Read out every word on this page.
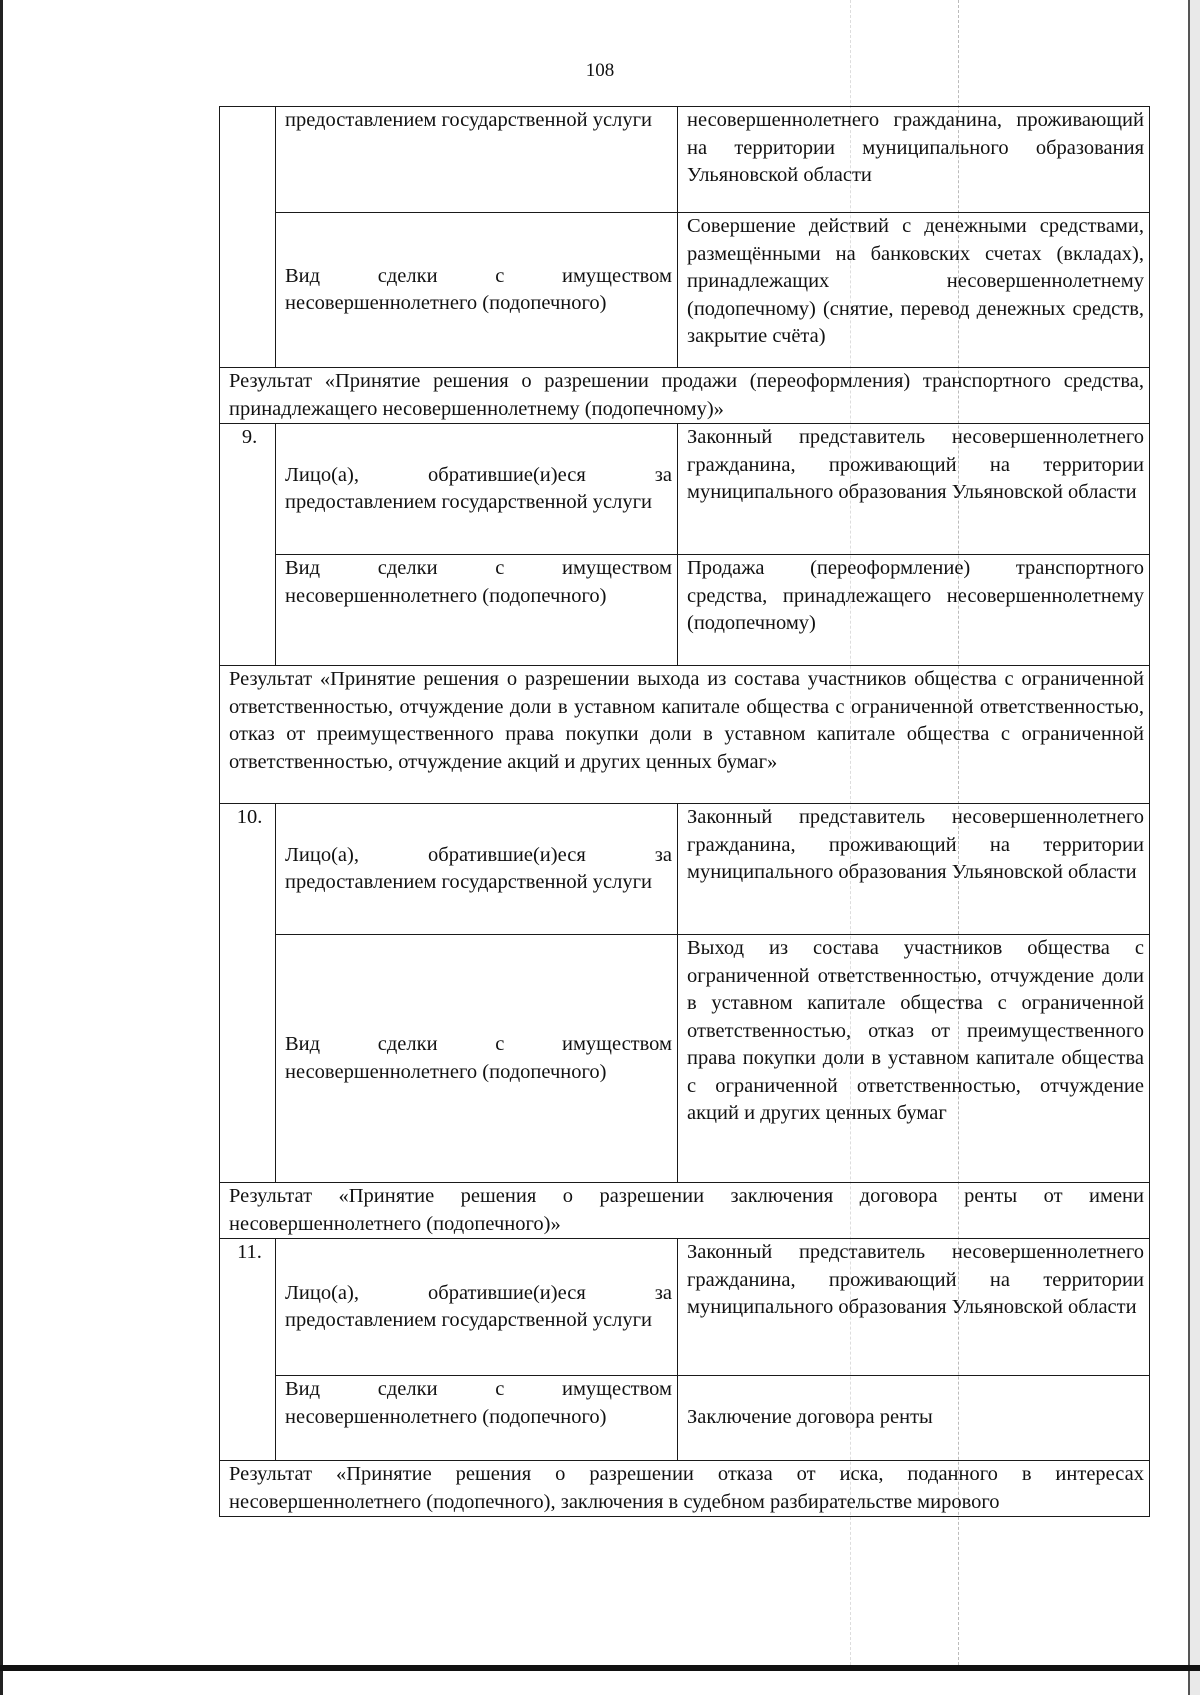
108
	предоставлением государственной услуги	несовершеннолетнего гражданина, проживающий на территории муниципального образования Ульяновской области
	Вид сделки с имуществом несовершеннолетнего (подопечного)	Совершение действий с денежными средствами, размещёнными на банковских счетах (вкладах), принадлежащих несовершеннолетнему (подопечному) (снятие, перевод денежных средств, закрытие счёта)
Результат «Принятие решения о разрешении продажи (переоформления) транспортного средства, принадлежащего несовершеннолетнему (подопечному)»		
9.	Лицо(а), обратившие(и)еся за предоставлением государственной услуги	Законный представитель несовершеннолетнего гражданина, проживающий на территории муниципального образования Ульяновской области
	Вид сделки с имуществом несовершеннолетнего (подопечного)	Продажа (переоформление) транспортного средства, принадлежащего несовершеннолетнему (подопечному)
Результат «Принятие решения о разрешении выхода из состава участников общества с ограниченной ответственностью, отчуждение доли в уставном капитале общества с ограниченной ответственностью, отказ от преимущественного права покупки доли в уставном капитале общества с ограниченной ответственностью, отчуждение акций и других ценных бумаг»		
10.	Лицо(а), обратившие(и)еся за предоставлением государственной услуги	Законный представитель несовершеннолетнего гражданина, проживающий на территории муниципального образования Ульяновской области
	Вид сделки с имуществом несовершеннолетнего (подопечного)	Выход из состава участников общества с ограниченной ответственностью, отчуждение доли в уставном капитале общества с ограниченной ответственностью, отказ от преимущественного права покупки доли в уставном капитале общества с ограниченной ответственностью, отчуждение акций и других ценных бумаг
Результат «Принятие решения о разрешении заключения договора ренты от имени несовершеннолетнего (подопечного)»		
11.	Лицо(а), обратившие(и)еся за предоставлением государственной услуги	Законный представитель несовершеннолетнего гражданина, проживающий на территории муниципального образования Ульяновской области
	Вид сделки с имуществом несовершеннолетнего (подопечного)	Заключение договора ренты
Результат «Принятие решения о разрешении отказа от иска, поданного в интересах несовершеннолетнего (подопечного), заключения в судебном разбирательстве мирового		
